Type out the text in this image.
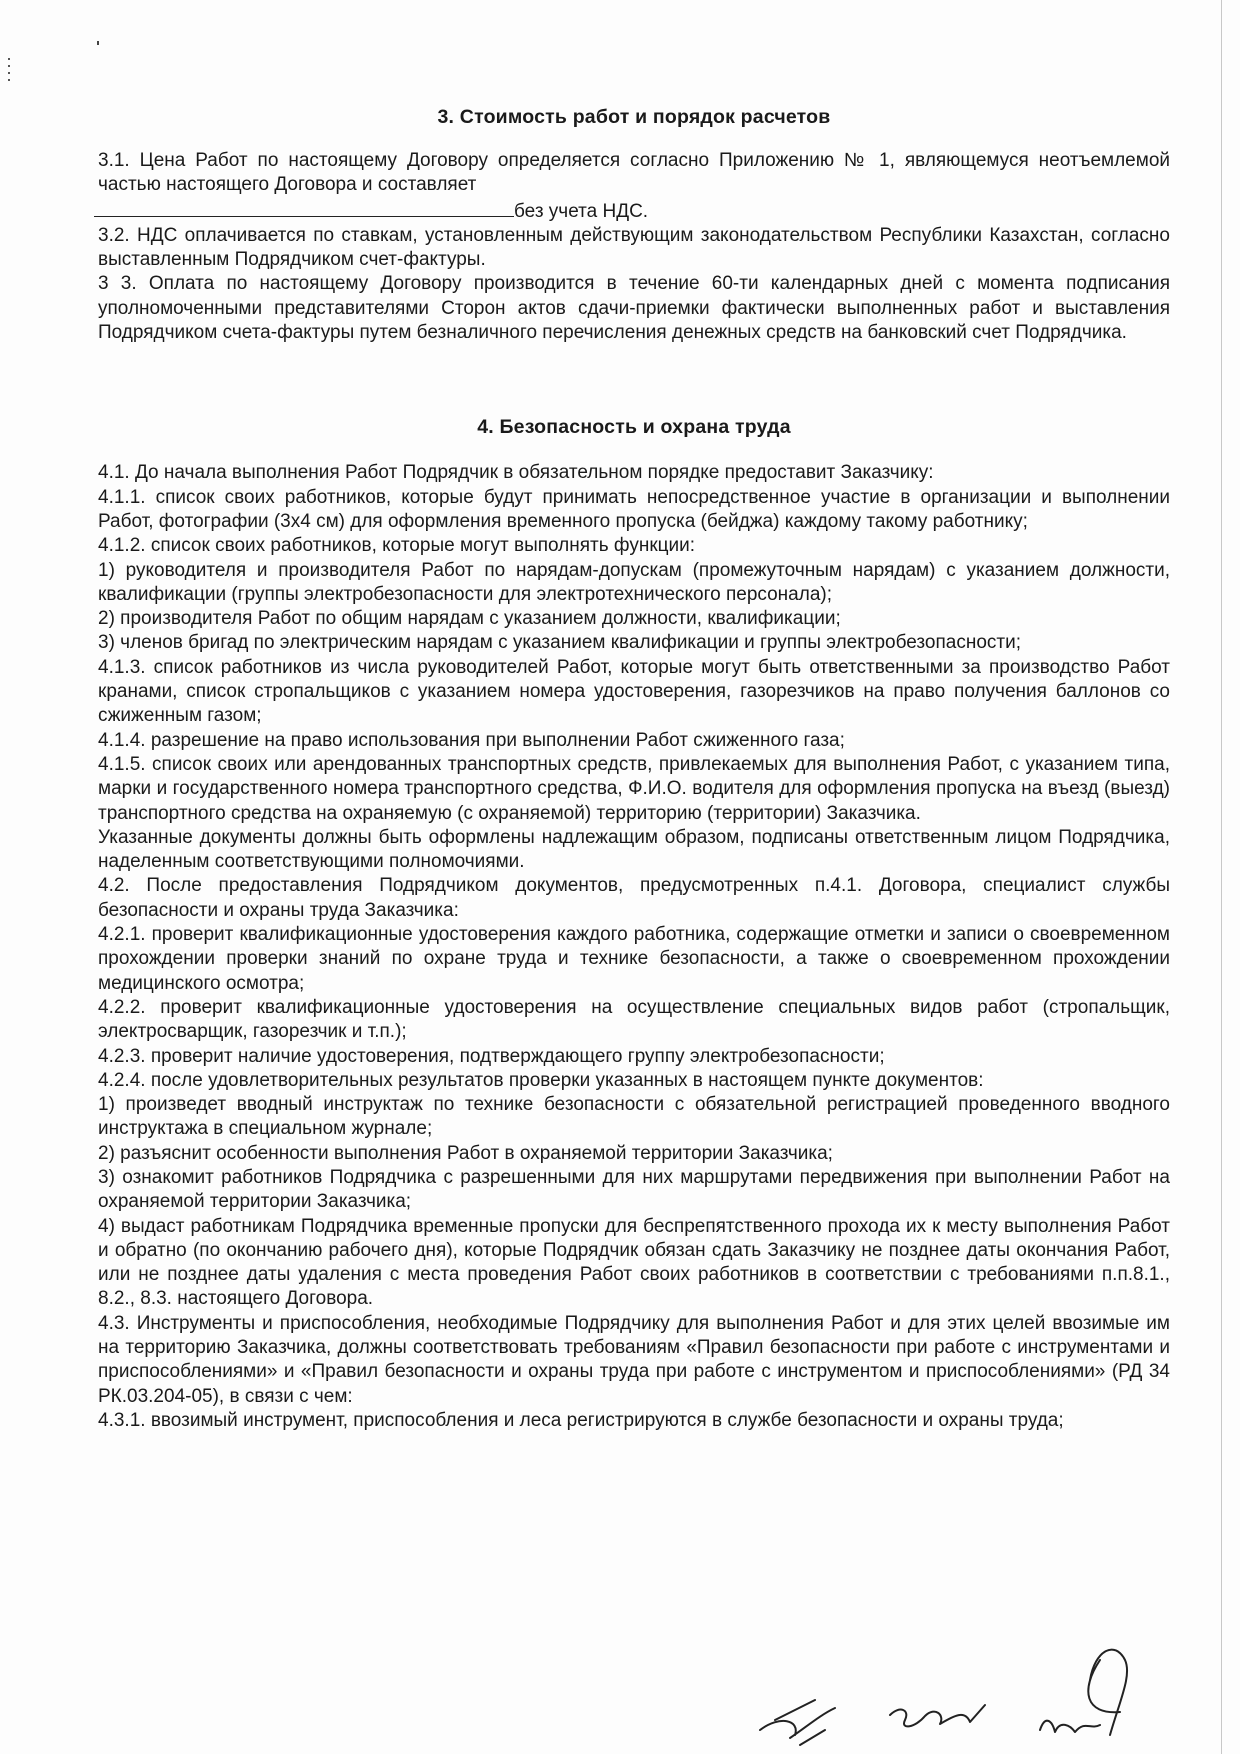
3. Стоимость работ и порядок расчетов

3.1. Цена Работ по настоящему Договору определяется согласно Приложению № 1, являющемуся неотъемлемой частью настоящего Договора и составляет
без учета НДС.

3.2. НДС оплачивается по ставкам, установленным действующим законодательством Республики Казахстан, согласно выставленным Подрядчиком счет-фактуры.

3 3. Оплата по настоящему Договору производится в течение 60-ти календарных дней с момента подписания уполномоченными представителями Сторон актов сдачи-приемки фактически выполненных работ и выставления Подрядчиком счета-фактуры путем безналичного перечисления денежных средств на банковский счет Подрядчика.

4. Безопасность и охрана труда

4.1. До начала выполнения Работ Подрядчик в обязательном порядке предоставит Заказчику:

4.1.1. список своих работников, которые будут принимать непосредственное участие в организации и выполнении Работ, фотографии (3х4 см) для оформления временного пропуска (бейджа) каждому такому работнику;

4.1.2. список своих работников, которые могут выполнять функции:

1) руководителя и производителя Работ по нарядам-допускам (промежуточным нарядам) с указанием должности, квалификации (группы электробезопасности для электротехнического персонала);

2) производителя Работ по общим нарядам с указанием должности, квалификации;

3) членов бригад по электрическим нарядам с указанием квалификации и группы электробезопасности;

4.1.3. список работников из числа руководителей Работ, которые могут быть ответственными за производство Работ кранами, список стропальщиков с указанием номера удостоверения, газорезчиков на право получения баллонов со сжиженным газом;

4.1.4. разрешение на право использования при выполнении Работ сжиженного газа;

4.1.5. список своих или арендованных транспортных средств, привлекаемых для выполнения Работ, с указанием типа, марки и государственного номера транспортного средства, Ф.И.О. водителя для оформления пропуска на въезд (выезд) транспортного средства на охраняемую (с охраняемой) территорию (территории) Заказчика.

Указанные документы должны быть оформлены надлежащим образом, подписаны ответственным лицом Подрядчика, наделенным соответствующими полномочиями.

4.2. После предоставления Подрядчиком документов, предусмотренных п.4.1. Договора, специалист службы безопасности и охраны труда Заказчика:

4.2.1. проверит квалификационные удостоверения каждого работника, содержащие отметки и записи о своевременном прохождении проверки знаний по охране труда и технике безопасности, а также о своевременном прохождении медицинского осмотра;

4.2.2. проверит квалификационные удостоверения на осуществление специальных видов работ (стропальщик, электросварщик, газорезчик и т.п.);

4.2.3. проверит наличие удостоверения, подтверждающего группу электробезопасности;

4.2.4. после удовлетворительных результатов проверки указанных в настоящем пункте документов:

1) произведет вводный инструктаж по технике безопасности с обязательной регистрацией проведенного вводного инструктажа в специальном журнале;

2) разъяснит особенности выполнения Работ в охраняемой территории Заказчика;

3) ознакомит работников Подрядчика с разрешенными для них маршрутами передвижения при выполнении Работ на охраняемой территории Заказчика;

4) выдаст работникам Подрядчика временные пропуски для беспрепятственного прохода их к месту выполнения Работ и обратно (по окончанию рабочего дня), которые Подрядчик обязан сдать Заказчику не позднее даты окончания Работ, или не позднее даты удаления с места проведения Работ своих работников в соответствии с требованиями п.п.8.1., 8.2., 8.3. настоящего Договора.

4.3. Инструменты и приспособления, необходимые Подрядчику для выполнения Работ и для этих целей ввозимые им на территорию Заказчика, должны соответствовать требованиям «Правил безопасности при работе с инструментами и приспособлениями» и «Правил безопасности и охраны труда при работе с инструментом и приспособлениями» (РД 34 РК.03.204-05), в связи с чем:

4.3.1. ввозимый инструмент, приспособления и леса регистрируются в службе безопасности и охраны труда;
